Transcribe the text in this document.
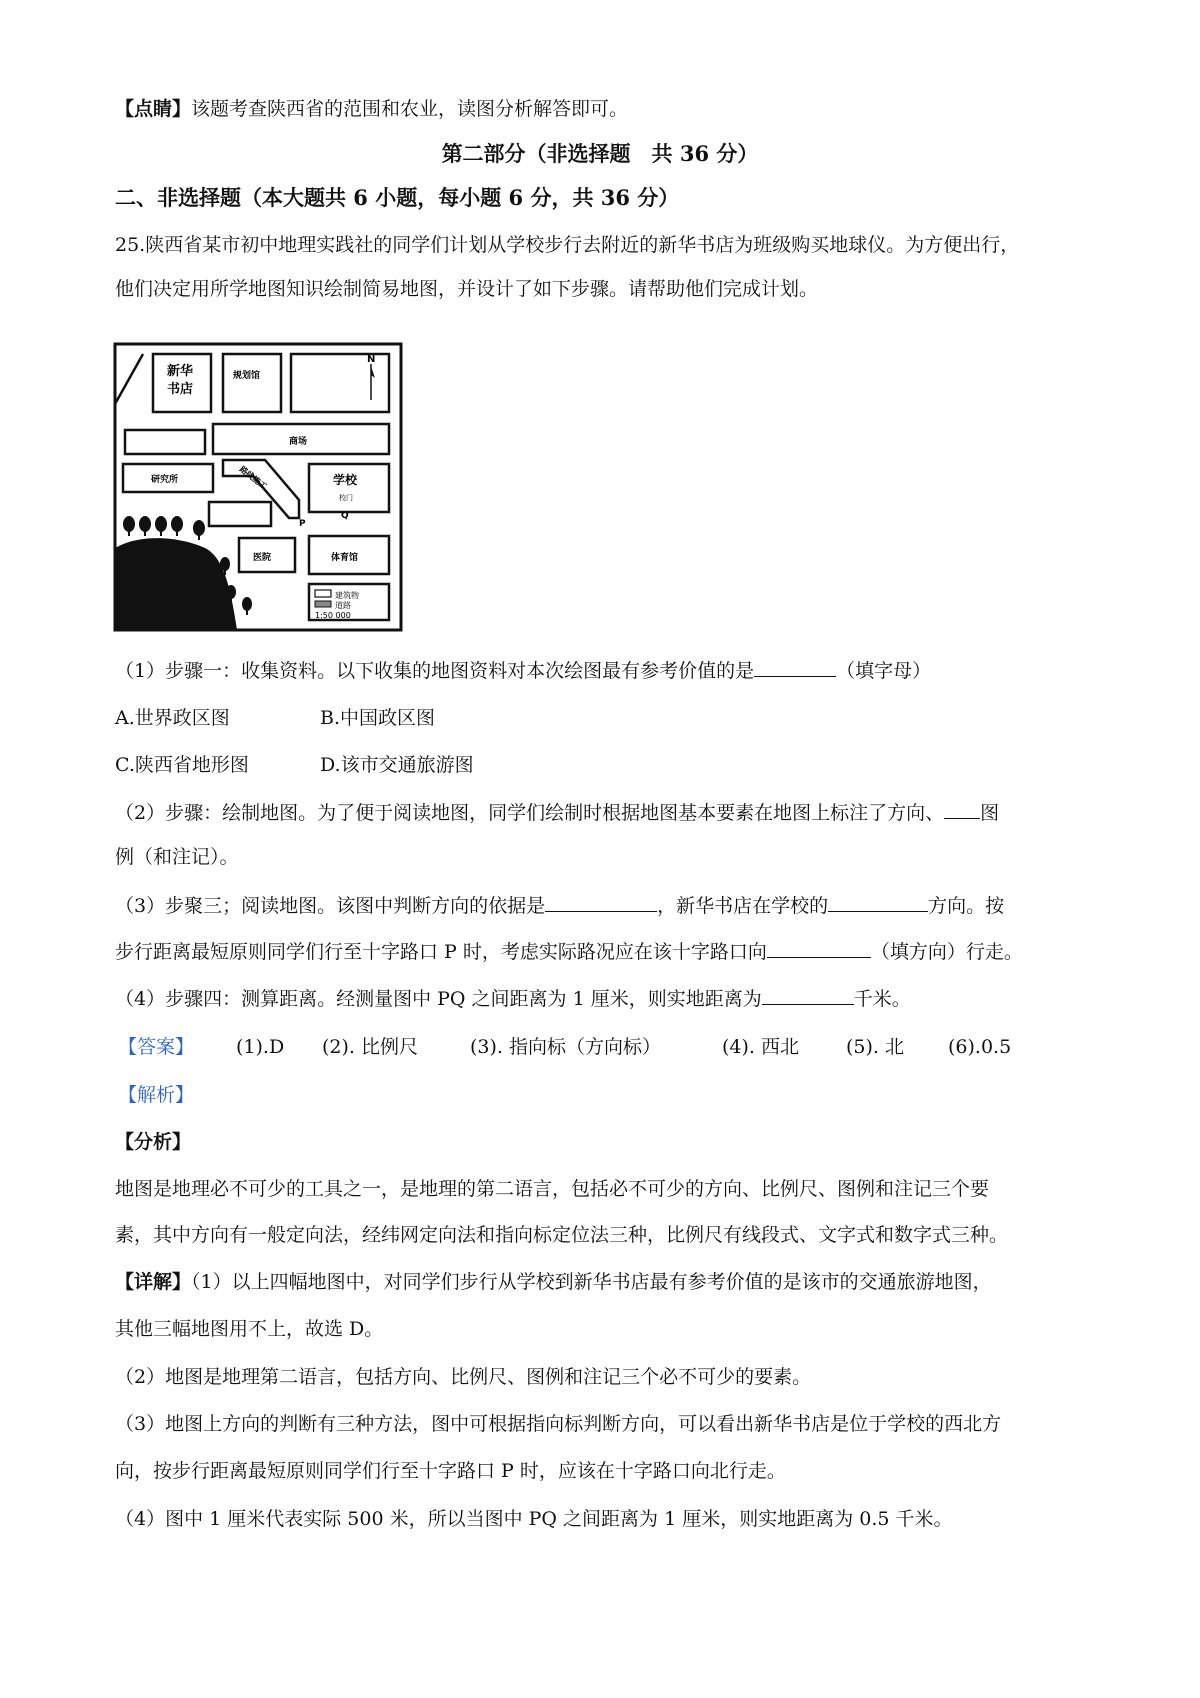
【点睛】该题考查陕西省的范围和农业，读图分析解答即可。
第二部分（非选择题　共 36 分）
二、非选择题（本大题共 6 小题，每小题 6 分，共 36 分）
25.陕西省某市初中地理实践社的同学们计划从学校步行去附近的新华书店为班级购买地球仪。为方便出行，
他们决定用所学地图知识绘制简易地图，并设计了如下步骤。请帮助他们完成计划。
N
新华
书店
规划馆
商场
研究所	路线施工	学校
校门
P
Q
医院	体育馆
建筑物
道路
1:50 000
（1）步骤一：收集资料。以下收集的地图资料对本次绘图最有参考价值的是	（填字母）
A.世界政区图	B.中国政区图
C.陕西省地形图	D.该市交通旅游图
（2）步骤：绘制地图。为了便于阅读地图，同学们绘制时根据地图基本要素在地图上标注了方向、 图
例（和注记）。
（3）步聚三；阅读地图。该图中判断方向的依据是	，新华书店在学校的	方向。按
步行距离最短原则同学们行至十字路口 P 时，考虑实际路况应在该十字路口向	（填方向）行走。
（4）步骤四：测算距离。经测量图中 PQ 之间距离为 1 厘米，则实地距离为	千米。
【答案】 (1).D (2). 比例尺	(3). 指向标（方向标）	(4). 西北 (5). 北 (6).0.5
【解析】
【分析】
地图是地理必不可少的工具之一，是地理的第二语言，包括必不可少的方向、比例尺、图例和注记三个要
素，其中方向有一般定向法，经纬网定向法和指向标定位法三种，比例尺有线段式、文字式和数字式三种。
【详解】（1）以上四幅地图中，对同学们步行从学校到新华书店最有参考价值的是该市的交通旅游地图，
其他三幅地图用不上，故选 D。
（2）地图是地理第二语言，包括方向、比例尺、图例和注记三个必不可少的要素。
（3）地图上方向的判断有三种方法，图中可根据指向标判断方向，可以看出新华书店是位于学校的西北方
向，按步行距离最短原则同学们行至十字路口 P 时，应该在十字路口向北行走。
（4）图中 1 厘米代表实际 500 米，所以当图中 PQ 之间距离为 1 厘米，则实地距离为 0.5 千米。
